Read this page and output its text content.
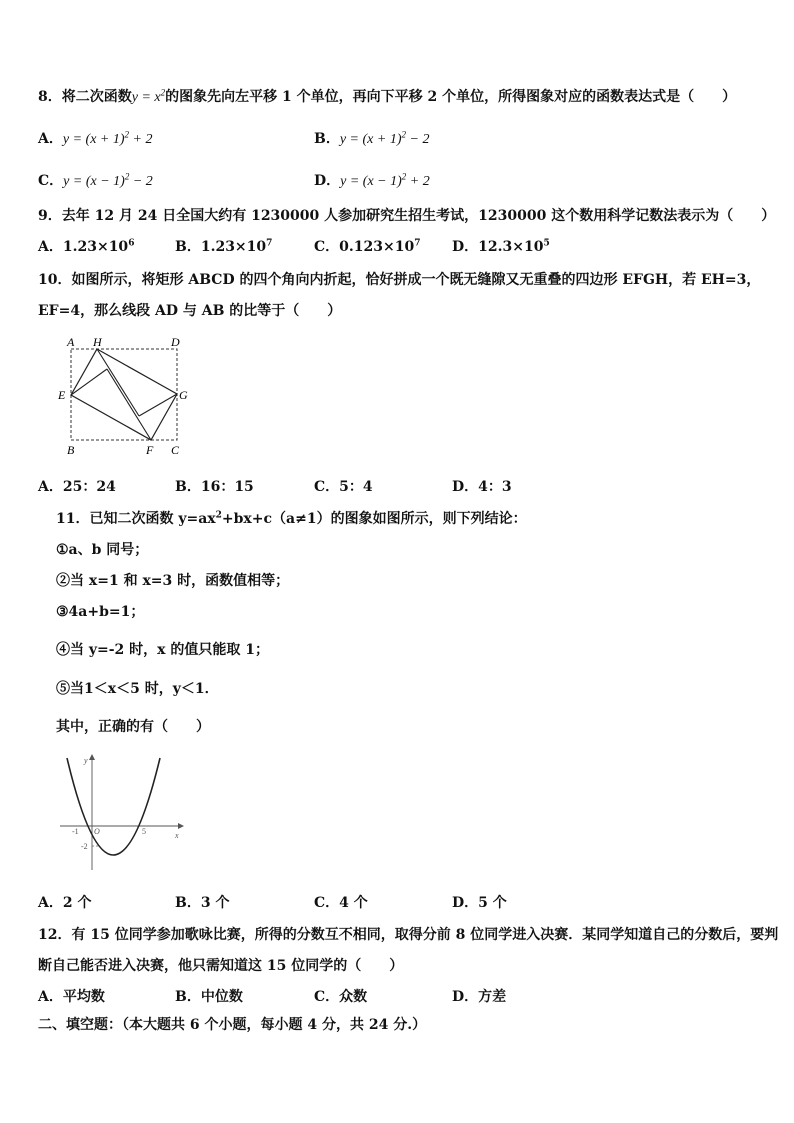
8．将二次函数$y = x^2$的图象先向左平移 1 个单位，再向下平移 2 个单位，所得图象对应的函数表达式是（　　）
A．$y = (x + 1)^2 + 2$	B．$y = (x + 1)^2 - 2$
C．$y = (x - 1)^2 - 2$	D．$y = (x - 1)^2 + 2$
9．去年 12 月 24 日全国大约有 1230000 人参加研究生招生考试，1230000 这个数用科学记数法表示为（　　）
A．$1.23\times 10^6$	B．$1.23\times 10^7$	C．$0.123\times 10^7$ D．$12.3\times 10^5$
10．如图所示，将矩形 ABCD 的四个角向内折起，恰好拼成一个既无缝隙又无重叠的四边形 EFGH，若 EH=3，
EF=4，那么线段 AD 与 AB 的比等于（　　）
A H	D
E	G
B	F C
A．25：24	B．16：15	C．5：4	D．4：3
11．已知二次函数 $y=ax^2+bx+c(a\ne 1)$的图象如图所示，则下列结论：
①a、b 同号；
②当 x=1 和 x=3 时，函数值相等；
③4a+b=1；
④当 y=-2 时，x 的值只能取 1；
⑤当1＜x＜5 时，y＜1．
其中，正确的有（　　）
y
x
O
-1	5
-2
A．2 个	B．3 个	C．4 个	D．5 个
12．有 15 位同学参加歌咏比赛，所得的分数互不相同，取得分前 8 位同学进入决赛．某同学知道自己的分数后，要判
断自己能否进入决赛，他只需知道这 15 位同学的（　　）
A．平均数	B．中位数	C．众数	D．方差
二、填空题：（本大题共 6 个小题，每小题 4 分，共 24 分.）
